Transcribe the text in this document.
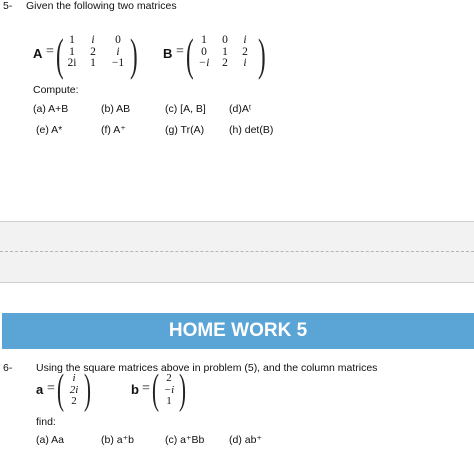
5- Given the following two matrices
A = ( 1	i	0
1	2	i
2i	1	−1 ) B = ( 1	0	i
0	1	2
−i	2	i )
Compute:
(a) A+B	(b) AB	(c) [A, B] (d)Aᵗ
(e) A*	(f) A⁺	(g) Tr(A) (h) det(B)
HOME WORK 5
6- Using the square matrices above in problem (5), and the column matrices
a = ( i
2i
2 )	b = ( 2
−i
1 )
find:
(a) Aa	(b) a⁺b	(c) a⁺Bb (d) ab⁺
